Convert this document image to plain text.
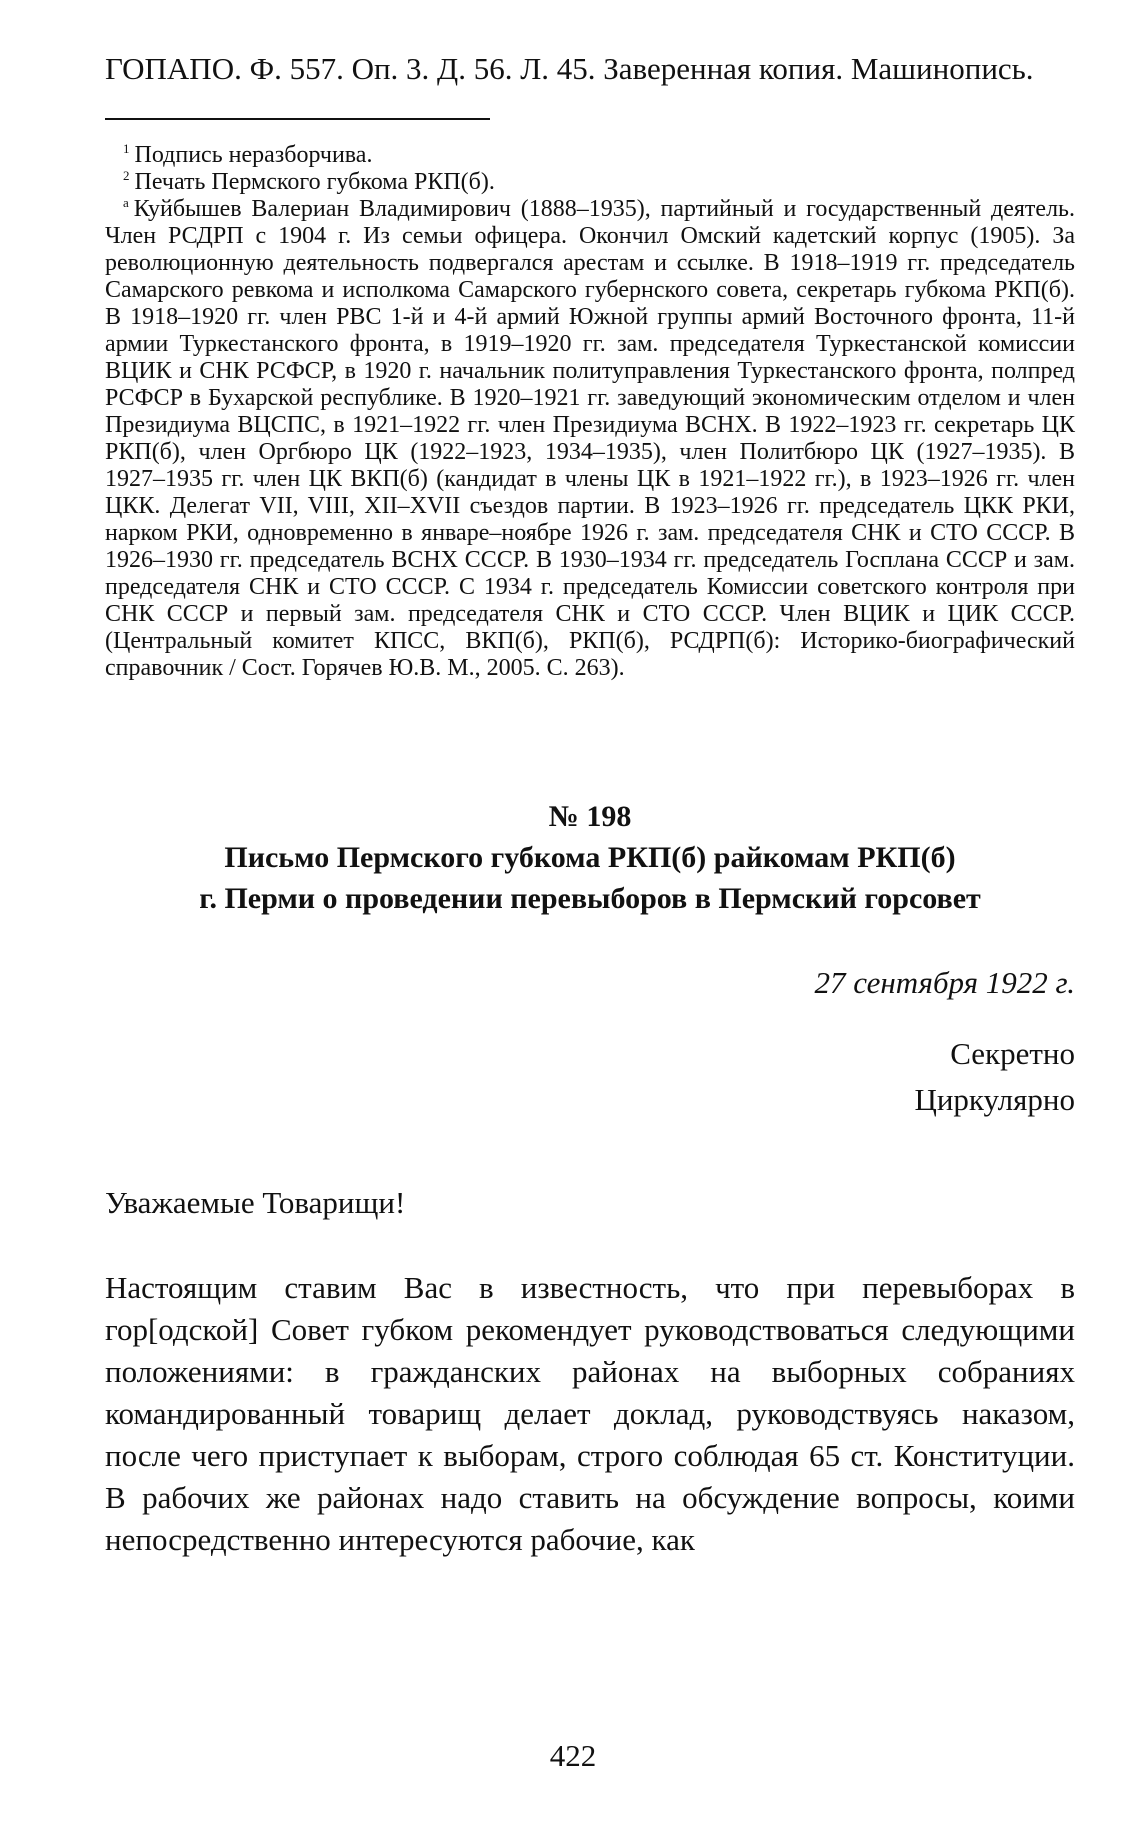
ГОПАПО. Ф. 557. Оп. 3. Д. 56. Л. 45. Заверенная копия. Машинопись.

$^1$ Подпись неразборчива.

$^2$ Печать Пермского губкома РКП(б).

$^а$ Куйбышев Валериан Владимирович (1888–1935), партийный и государственный деятель. Член РСДРП с 1904 г. Из семьи офицера. Окончил Омский кадетский корпус (1905). За революционную деятельность подвергался арестам и ссылке. В 1918–1919 гг. председатель Самарского ревкома и исполкома Самарского губернского совета, секретарь губкома РКП(б). В 1918–1920 гг. член РВС 1-й и 4-й армий Южной группы армий Восточного фронта, 11-й армии Туркестанского фронта, в 1919–1920 гг. зам. председателя Туркестанской комиссии ВЦИК и СНК РСФСР, в 1920 г. начальник политуправления Туркестанского фронта, полпред РСФСР в Бухарской республике. В 1920–1921 гг. заведующий экономическим отделом и член Президиума ВЦСПС, в 1921–1922 гг. член Президиума ВСНХ. В 1922–1923 гг. секретарь ЦК РКП(б), член Оргбюро ЦК (1922–1923, 1934–1935), член Политбюро ЦК (1927–1935). В 1927–1935 гг. член ЦК ВКП(б) (кандидат в члены ЦК в 1921–1922 гг.), в 1923–1926 гг. член ЦКК. Делегат VII, VIII, XII–XVII съездов партии. В 1923–1926 гг. председатель ЦКК РКИ, нарком РКИ, одновременно в январе–ноябре 1926 г. зам. председателя СНК и СТО СССР. В 1926–1930 гг. председатель ВСНХ СССР. В 1930–1934 гг. председатель Госплана СССР и зам. председателя СНК и СТО СССР. С 1934 г. председатель Комиссии советского контроля при СНК СССР и первый зам. председателя СНК и СТО СССР. Член ВЦИК и ЦИК СССР. (Центральный комитет КПСС, ВКП(б), РКП(б), РСДРП(б): Историко-биографический справочник / Сост. Горячев Ю.В. М., 2005. С. 263).

№ 198

Письмо Пермского губкома РКП(б) райкомам РКП(б)

г. Перми о проведении перевыборов в Пермский горсовет

27 сентября 1922 г.
Секретно
Циркулярно
Уважаемые Товарищи!

Настоящим ставим Вас в известность, что при перевыборах в гор[одской] Совет губком рекомендует руководствоваться следующими положениями: в гражданских районах на выборных собраниях командированный товарищ делает доклад, руководствуясь наказом, после чего приступает к выборам, строго соблюдая 65 ст. Конституции. В рабочих же районах надо ставить на обсуждение вопросы, коими непосредственно интересуются рабочие, как

422
